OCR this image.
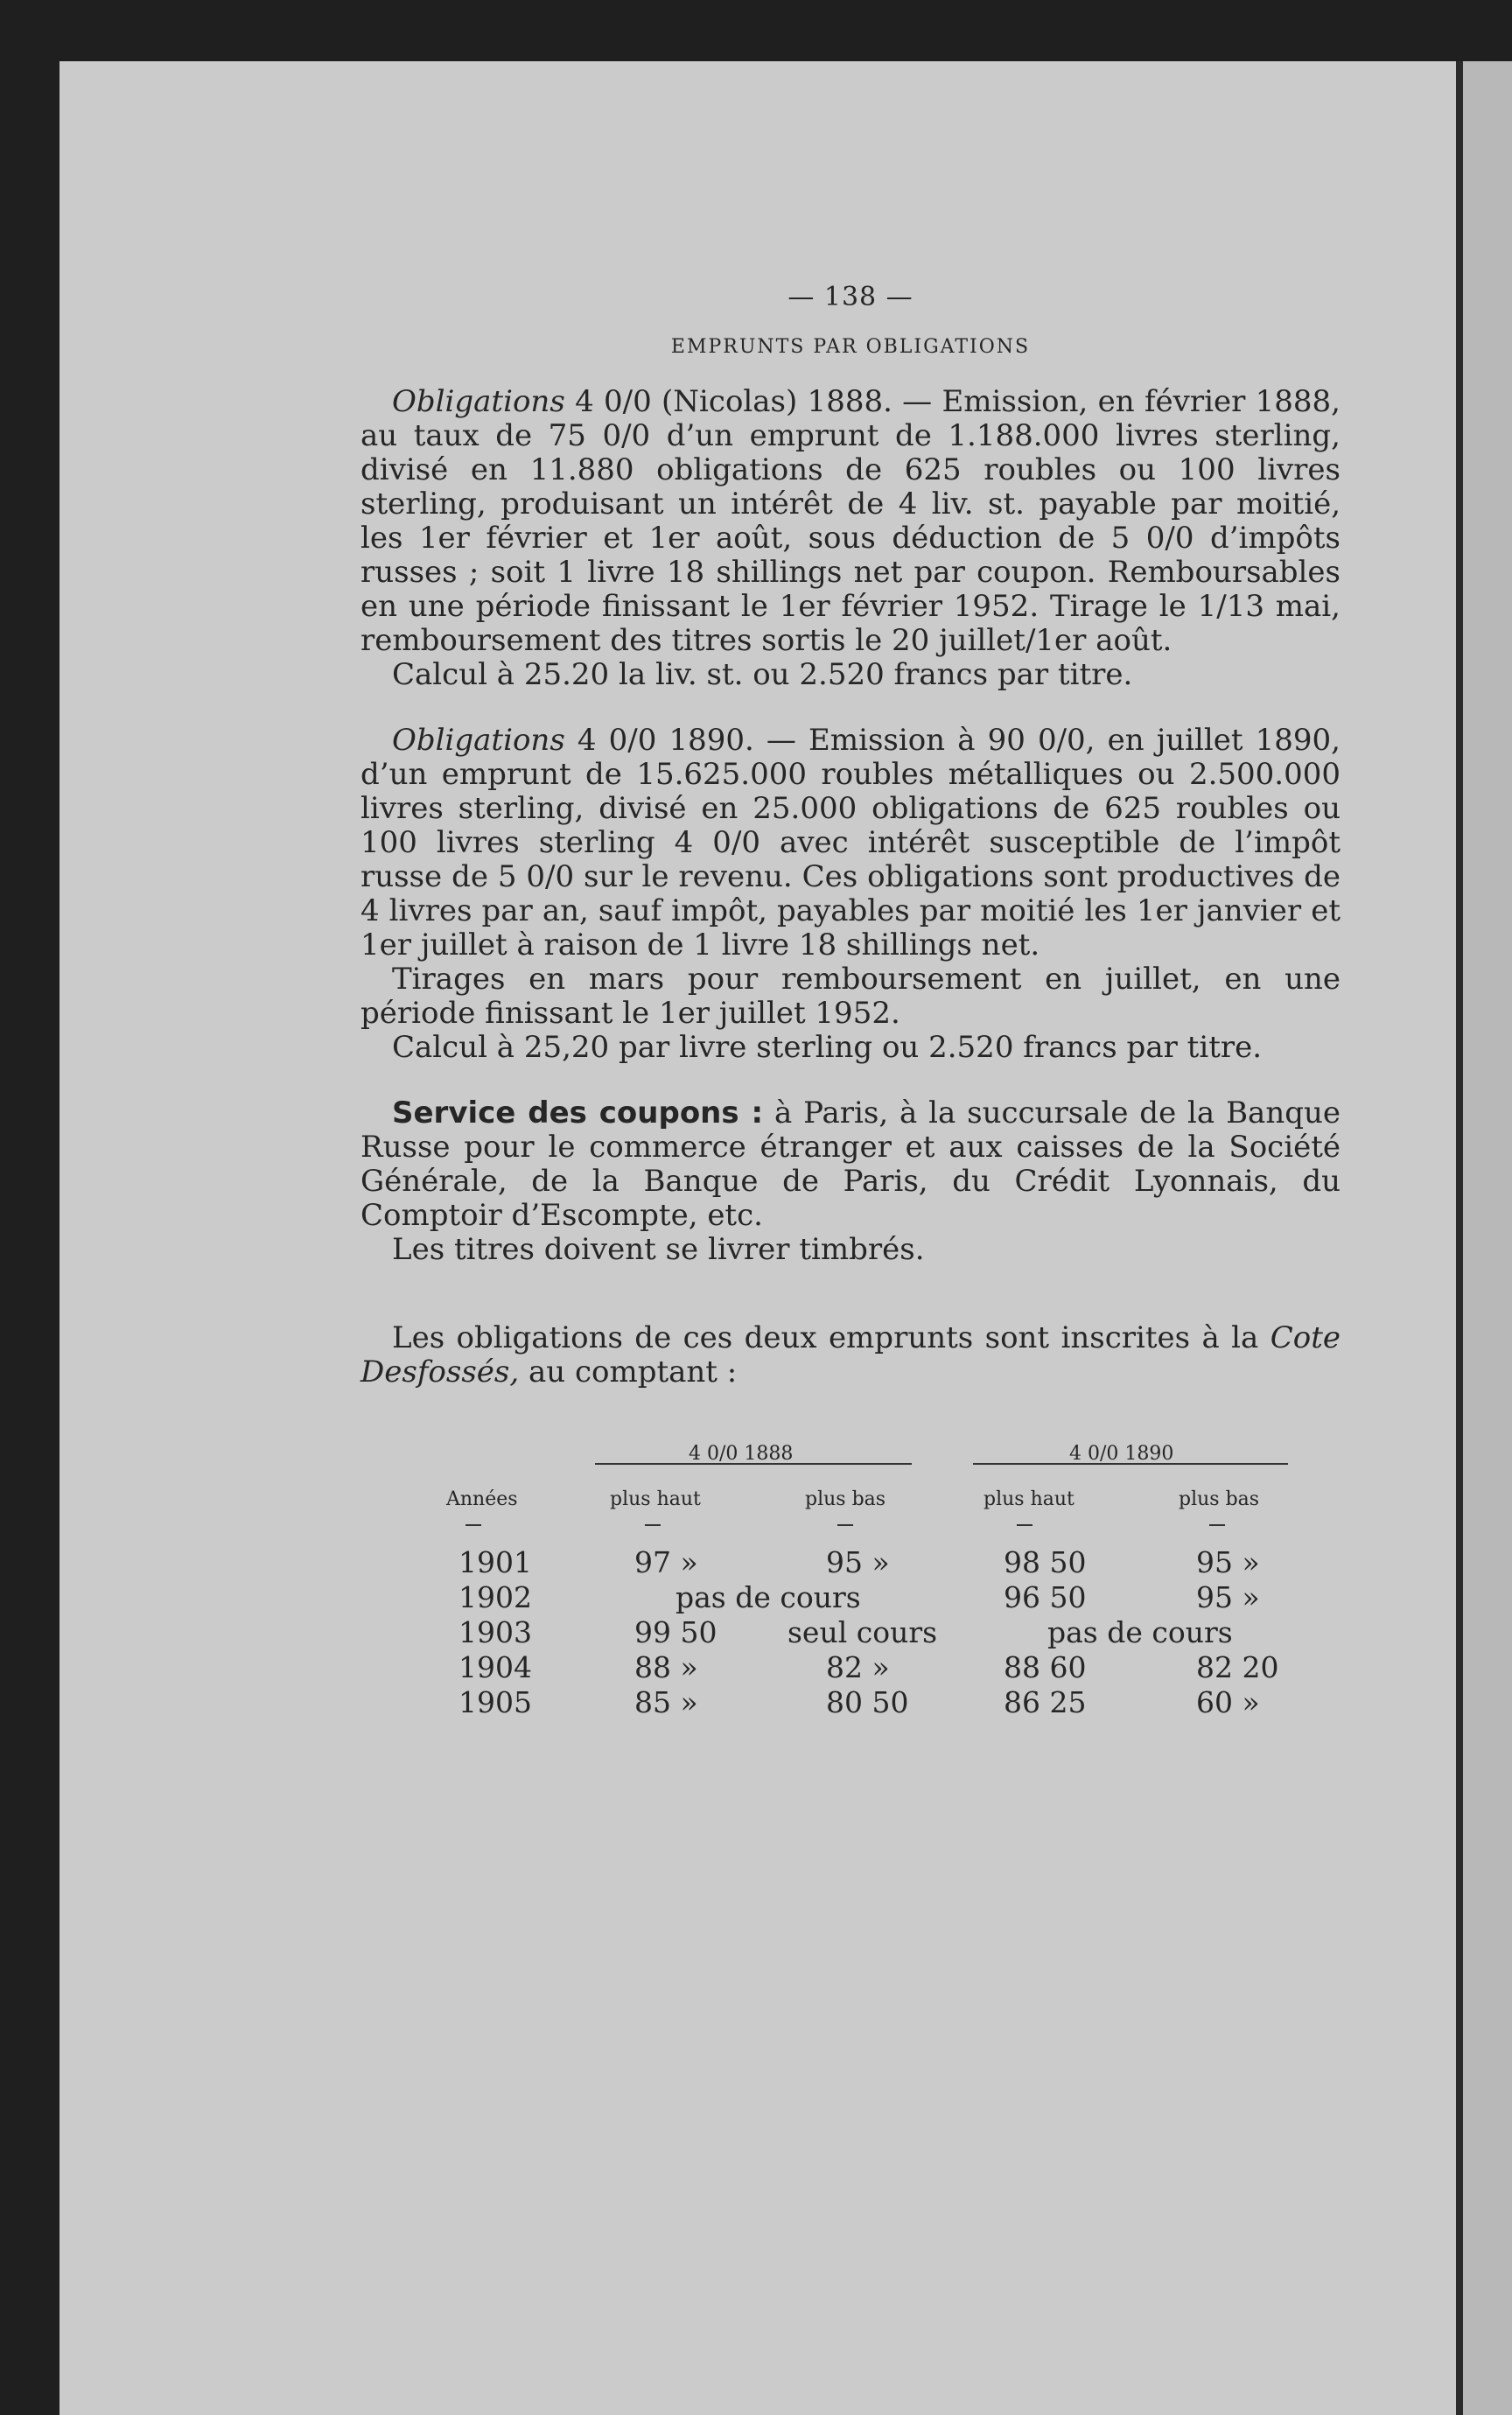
— 138 —
EMPRUNTS PAR OBLIGATIONS

Obligations 4 0/0 (Nicolas) 1888. — Emission, en février 1888, au taux de 75 0/0 d’un emprunt de 1.188.000 livres sterling, divisé en 11.880 obligations de 625 roubles ou 100 livres sterling, produisant un intérêt de 4 liv. st. payable par moitié, les 1er février et 1er août, sous déduction de 5 0/0 d’impôts russes ; soit 1 livre 18 shillings net par coupon. Remboursables en une période finissant le 1er février 1952. Tirage le 1/13 mai, remboursement des titres sortis le 20 juillet/1er août.

Calcul à 25.20 la liv. st. ou 2.520 francs par titre.

Obligations 4 0/0 1890. — Emission à 90 0/0, en juillet 1890, d’un emprunt de 15.625.000 roubles métalliques ou 2.500.000 livres sterling, divisé en 25.000 obligations de 625 roubles ou 100 livres sterling 4 0/0 avec intérêt susceptible de l’impôt russe de 5 0/0 sur le revenu. Ces obligations sont productives de 4 livres par an, sauf impôt, payables par moitié les 1er janvier et 1er juillet à raison de 1 livre 18 shillings net.

Tirages en mars pour remboursement en juillet, en une période finissant le 1er juillet 1952.

Calcul à 25,20 par livre sterling ou 2.520 francs par titre.

Service des coupons : à Paris, à la succursale de la Banque Russe pour le commerce étranger et aux caisses de la Société Générale, de la Banque de Paris, du Crédit Lyonnais, du Comptoir d’Escompte, etc.

Les titres doivent se livrer timbrés.

Les obligations de ces deux emprunts sont inscrites à la Cote Desfossés, au comptant :

4 0/0 1888	4 0/0 1890
Années	plus haut	plus bas	plus haut	plus bas
1901	97 »	95 »	98 50	95 »
1902	pas de cours	96 50	95 »
1903	99 50 seul cours	pas de cours
1904	88 »	82 »	88 60	82 20
1905	85 »	80 50	86 25	60 »
